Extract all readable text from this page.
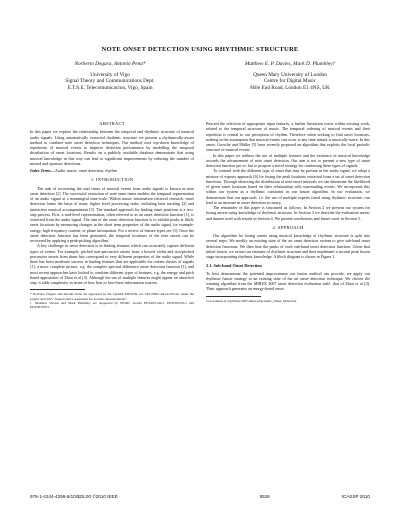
NOTE ONSET DETECTION USING RHYTHMIC STRUCTURE
Norberto Degara, Antonio Pena*
University of Vigo
Signal Theory and Communications Dept.
E.T.S.E. Telecomunicacion, Vigo, Spain
Matthew E. P. Davies, Mark D. Plumbley†
Queen Mary University of London
Centre for Digital Music
Mile End Road, London E1 4NS, UK
ABSTRACT

In this paper we explore the relationship between the temporal and rhythmic structure of musical audio signals. Using automatically extracted rhythmic structure we present a rhythmically-aware method to combine note onset detection techniques. Our method uses top-down knowledge of repetitions of musical events to improve detection performance by modelling the temporal distribution of onset locations. Results on a publicly available database demonstrate that using musical knowledge in this way can lead to significant improvements by reducing the number of missed and spurious detections.

Index Terms—Audio, music, onset detection, rhythm

1. INTRODUCTION

The task of recovering the start times of musical events from audio signals is known as note onset detection [1]. The successful extraction of note onset times enables the temporal segmentation of an audio signal at a meaningful time-scale. Within music information retrieval research, onset detection forms the basis of many higher level processing tasks, including beat tracking [2] and interactive musical accompaniment [3]. The standard approach for finding onset positions is a two-step process. First, a mid-level representation, often referred to as an onset detection function [1], is extracted from the audio signal. The aim of the onset detection function is to exhibit peaks at likely onset locations by measuring changes in the short term properties of the audio signal, for example: energy, high frequency content, or phase information. For a review of feature types see [1]. Once the onset detection function has been generated, the temporal locations of the note onsets can be recovered by applying a peak-picking algorithm.

A key challenge in onset detection is in finding features which can accurately capture different types of events. For example, pitched non-percussive onsets from a bowed violin and non-pitched percussive onsets from drum hits correspond to very different properties of the audio signal. While there has been moderate success in finding features that are applicable for certain classes of signals [1], a more complete picture, e.g. the complex spectral difference onset detection function [1], and most recent approaches have looked to combine different types of features, e.g. the energy and pitch based approaches of Zhou et al [4]. Although the use of multiple features might appear an attractive step, it adds complexity in terms of how best to fuse these information sources.

* Norberto Degara and Antonio Pena are supported by the Spanish MICINN, ref. TEC2009-14414-C03-02, under the project AnClaS3 “Sound source separation for acoustic measurements”.

† Matthew Davies and Mark Plumbley are supported by EPSRC Grants EP/G007144/1, EP/E045235/1 and EP/F061870/1.

Beyond the selection of appropriate input features, a further limitation exists within existing work, related to the temporal structure of music. The temporal ordering of musical events and their repetition is central to our perception of rhythm. Therefore when seeking to find onset locations, nothing in the assumption that musical events can occur at any time instant is musically naive. In this sense, Grosche and Müller [5] have recently proposed an algorithm that exploits the local periodic structure of musical events.

In this paper we address the use of multiple features and the existence of musical knowledge towards the advancement of note onset detection. Our aim is not to present a new type of onset detection function per se, but to propose a novel strategy for combining these types of signals.

To contend with the different type of onset that may be present in the audio signal, we adopt a mixture of experts approach [6] for fusing the peak locations extracted from a set of onset detection functions. Through observing the distribution of note onset intervals we can determine the likelihood of given onset locations based on their relationship with surrounding events. We incorporate this within our system as a rhythmic constraint in our fusion algorithm. In our evaluation, we demonstrate that our approach, i.e. the use of multiple experts fused using rhythmic structure, can lead to an increase in onset detection accuracy.

The remainder of this paper is structured as follows. In Section 2 we present our system for fusing onsets using knowledge of rhythmic structure. In Section 3 we describe the evaluation metric and dataset used with results in Section 4. We present conclusions and future work in Section 5.

2. APPROACH

Our algorithm for fusing onsets using musical knowledge of rhythmic structure is split into several steps. We modify an existing state of the art onset detection system to give sub-band onset detection functions. We then fuse the peaks of each sub-band onset detection function. Given that initial fusion, we extract an estimate of rhythmic structure and then implement a second peak fusion stage incorporating rhythmic knowledge. A block diagram is shown in Figure 1.

2.1. Sub-band Onset Detection

To best demonstrate the potential improvement our fusion method can provide, we apply our rhythmic fusion strategy to an existing state of the art onset detection technique. We choose the winning algorithm from the MIREX 2007 onset detection evaluation task¹, that of Zhou et al [4]. Their approach generates an energy-based onset

¹www.music-ir.org/mirex/2007/index.php/Audio_Onset_Detection

978-1-4244-4296-6/10/$25.00 ©2010 IEEE	5526	ICASSP 2010
